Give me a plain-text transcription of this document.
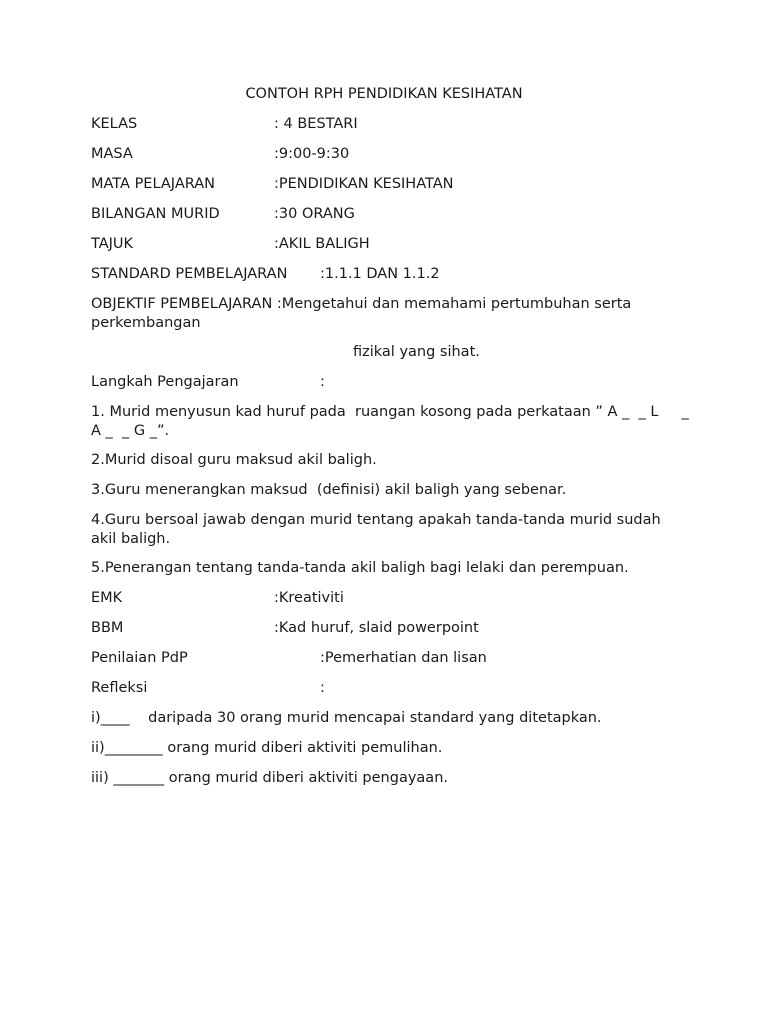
CONTOH RPH PENDIDIKAN KESIHATAN
KELAS	: 4 BESTARI
MASA	:9:00-9:30
MATA PELAJARAN	:PENDIDIKAN KESIHATAN
BILANGAN MURID	:30 ORANG
TAJUK	:AKIL BALIGH
STANDARD PEMBELAJARAN :1.1.1 DAN 1.1.2
OBJEKTIF PEMBELAJARAN :Mengetahui dan memahami pertumbuhan serta
perkembangan
fizikal yang sihat.
Langkah Pengajaran	:
1. Murid menyusun kad huruf pada  ruangan kosong pada perkataan ” A _  _ L     _
A _  _ G _”.
2.Murid disoal guru maksud akil baligh.
3.Guru menerangkan maksud  (definisi) akil baligh yang sebenar.
4.Guru bersoal jawab dengan murid tentang apakah tanda-tanda murid sudah
akil baligh.
5.Penerangan tentang tanda-tanda akil baligh bagi lelaki dan perempuan.
EMK	:Kreativiti
BBM	:Kad huruf, slaid powerpoint
Penilaian PdP	:Pemerhatian dan lisan
Refleksi	:
i)____    daripada 30 orang murid mencapai standard yang ditetapkan.
ii)________ orang murid diberi aktiviti pemulihan.
iii) _______ orang murid diberi aktiviti pengayaan.
